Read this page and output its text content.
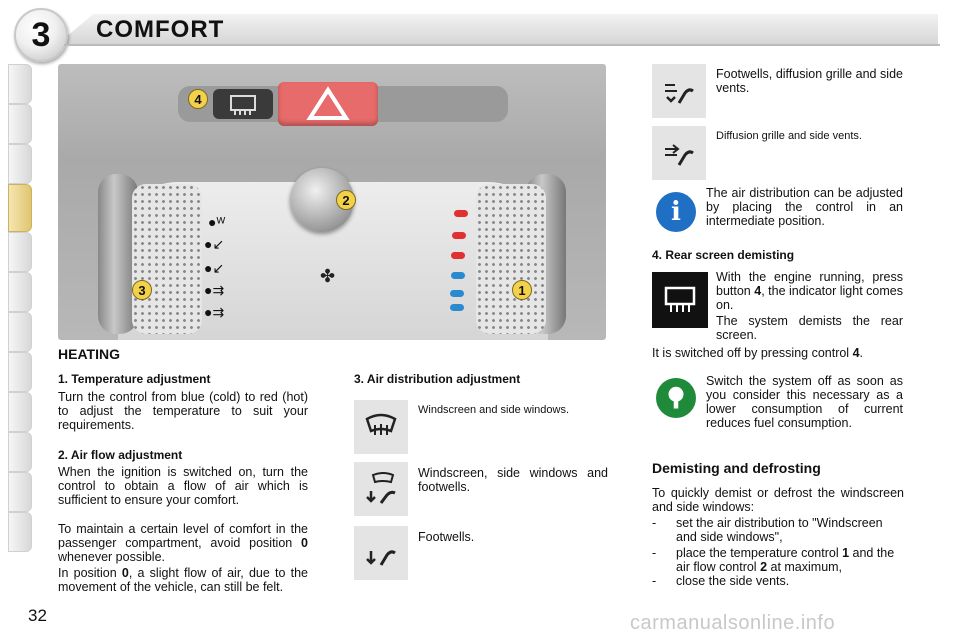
3 COMFORT
✤
●ᵂ
●↙
●↙
●⇉
●⇉
4
2
3	1
HEATING
1. Temperature adjustment

Turn the control from blue (cold) to red (hot) to adjust the temperature to suit your requirements.

2. Air flow adjustment

When the ignition is switched on, turn the control to obtain a flow of air which is sufficient to ensure your comfort.

To maintain a certain level of comfort in the passenger compartment, avoid position 0 whenever possible.

In position 0, a slight flow of air, due to the movement of the vehicle, can still be felt.

3. Air distribution adjustment

Windscreen and side windows.

Windscreen, side windows and footwells.

Footwells.

Footwells, diffusion grille and side vents.

Diffusion grille and side vents.

i

The air distribution can be adjusted by placing the control in an intermediate position.

4. Rear screen demisting

With the engine running, press button 4, the indicator light comes on.

The system demists the rear screen.

It is switched off by pressing control 4.

Switch the system off as soon as you consider this necessary as a lower consumption of current reduces fuel consumption.

Demisting and defrosting

To quickly demist or defrost the windscreen and side windows:

- set the air distribution to "Windscreen and side windows",
- place the temperature control 1 and the air flow control 2 at maximum,
- close the side vents.
32	carmanualsonline.info
